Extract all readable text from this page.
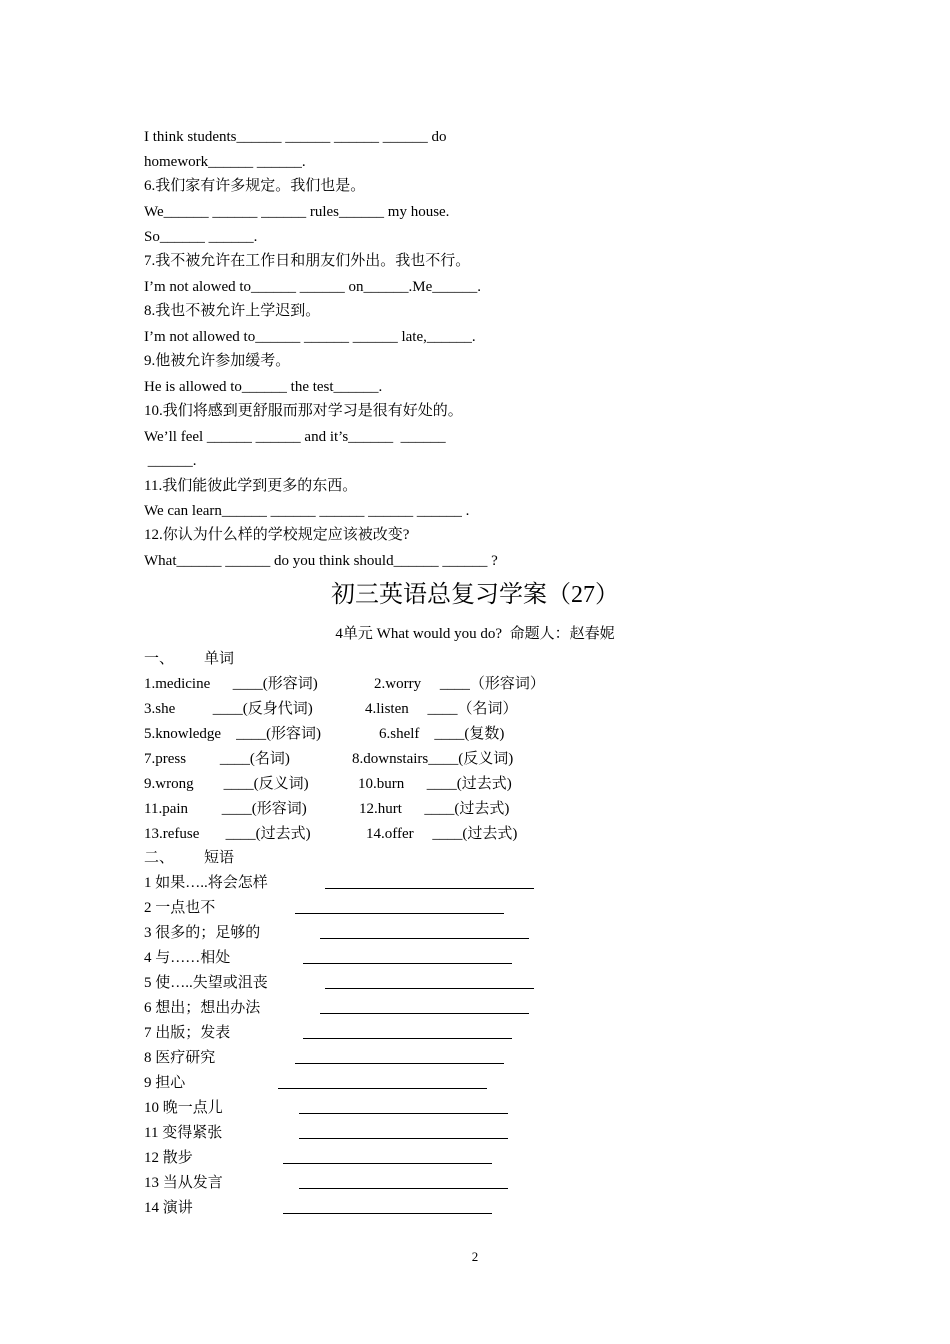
I think students______ ______ ______ ______ do
homework______ ______.
6.我们家有许多规定。我们也是。
We______ ______ ______ rules______ my house.
So______ ______.
7.我不被允许在工作日和朋友们外出。我也不行。
I’m not alowed to______ ______ on______.Me______.
8.我也不被允许上学迟到。
I’m not allowed to______ ______ ______ late,______.
9.他被允许参加缓考。
He is allowed to______ the test______.
10.我们将感到更舒服而那对学习是很有好处的。
We’ll feel ______ ______ and it’s______  ______
______.
11.我们能彼此学到更多的东西。
We can learn______ ______ ______ ______ ______ .
12.你认为什么样的学校规定应该被改变?
What______ ______ do you think should______ ______ ?
初三英语总复习学案（27）
4单元 What would you do?  命题人：赵春妮
一、        单词
1.medicine      ____(形容词)	2.worry     ____（形容词）
3.she          ____(反身代词)	4.listen     ____（名词）
5.knowledge    ____(形容词)	6.shelf    ____(复数)
7.press         ____(名词)	8.downstairs____(反义词)
9.wrong        ____(反义词)	10.burn      ____(过去式)
11.pain         ____(形容词)	12.hurt      ____(过去式)
13.refuse       ____(过去式)	14.offer     ____(过去式)
二、        短语
1 如果…..将会怎样
2 一点也不
3 很多的；足够的
4 与……相处
5 使…..失望或沮丧
6 想出；想出办法
7 出版；发表
8 医疗研究
9 担心
10 晚一点儿
11 变得紧张
12 散步
13 当从发言
14 演讲
2
